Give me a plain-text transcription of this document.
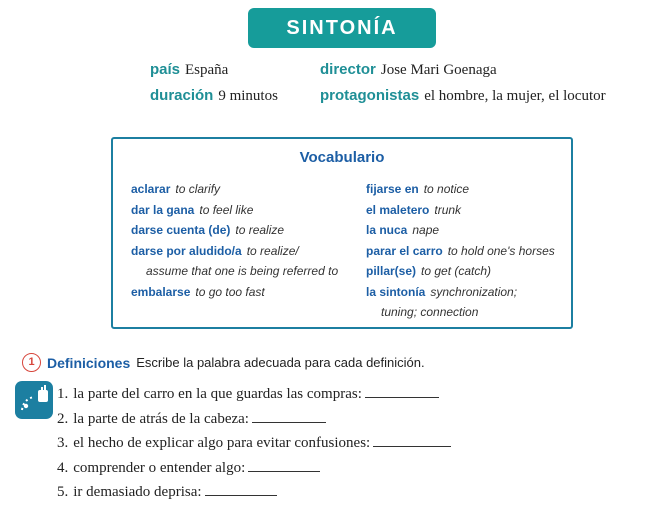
SINTONÍA
país España	director Jose Mari Goenaga
duración 9 minutos	protagonistas el hombre, la mujer, el locutor
Vocabulario
aclarar to clarify
dar la gana to feel like
darse cuenta (de) to realize
darse por aludido/a to realize/
assume that one is being referred to
embalarse to go too fast
fijarse en to notice
el maletero trunk
la nuca nape
parar el carro to hold one's horses
pillar(se) to get (catch)
la sintonía synchronization;
tuning; connection
1 Definiciones Escribe la palabra adecuada para cada definición.
1. la parte del carro en la que guardas las compras:
2. la parte de atrás de la cabeza:
3. el hecho de explicar algo para evitar confusiones:
4. comprender o entender algo:
5. ir demasiado deprisa:
